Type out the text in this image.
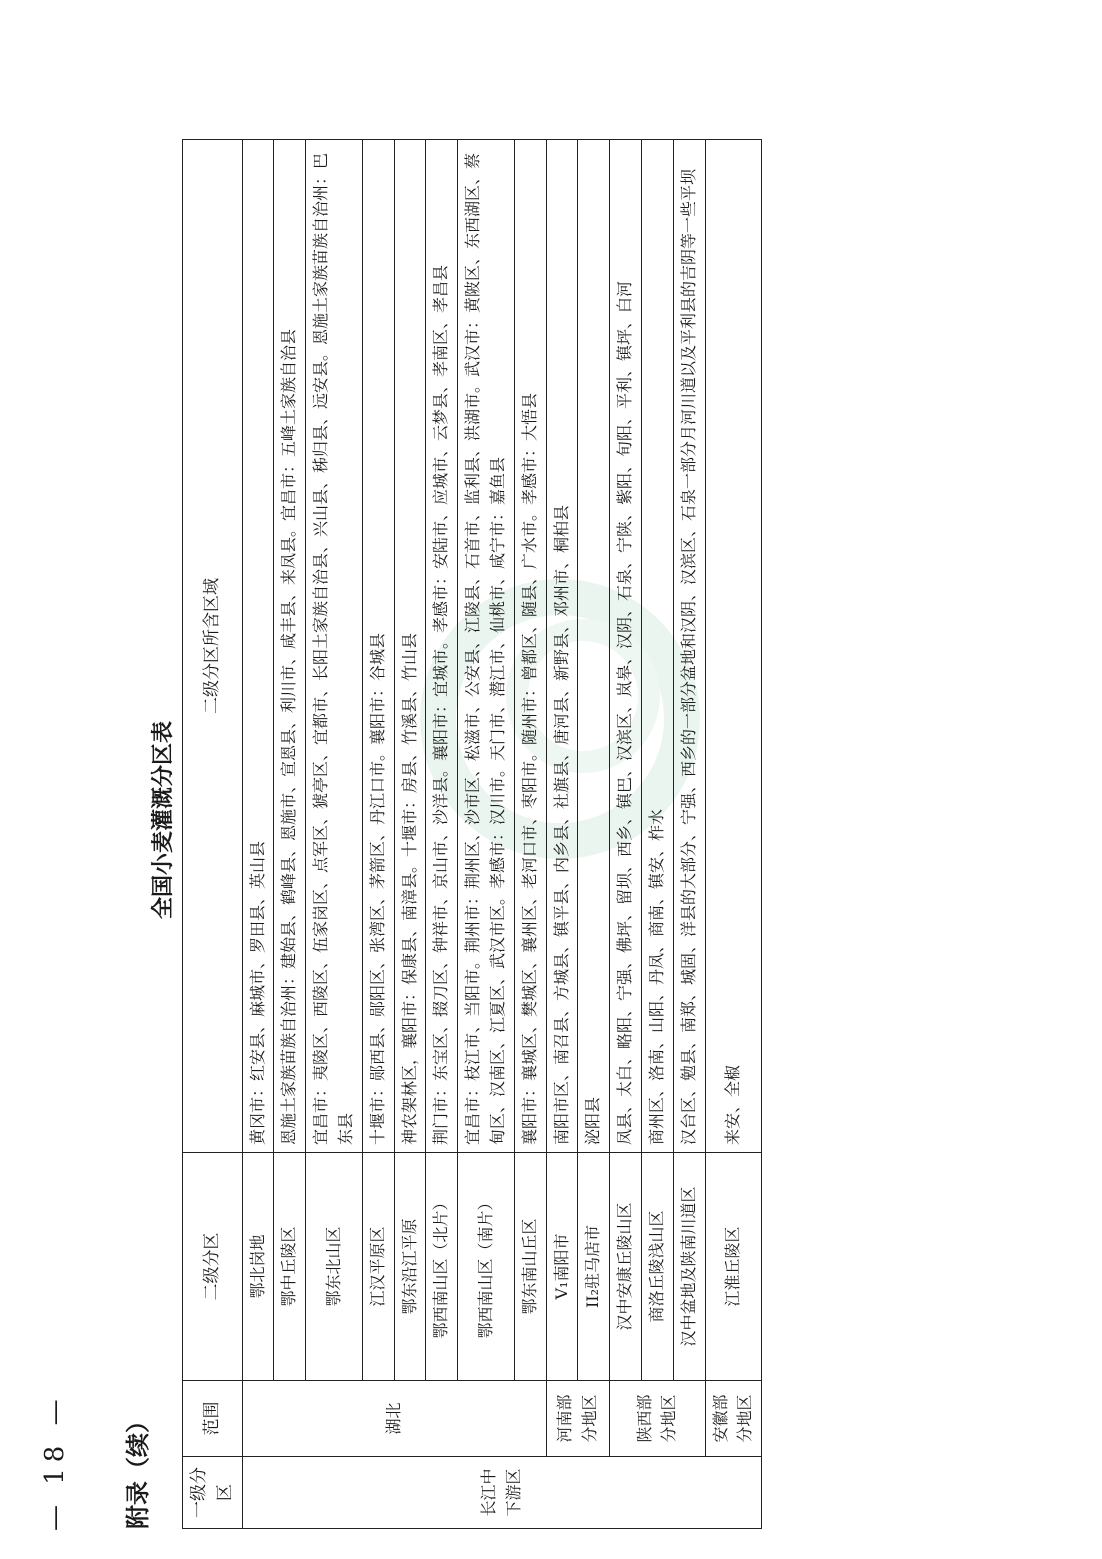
— 18 — 附录（续）
全国小麦灌溉分区表
一级分区	范围	二级分区	二级分区所含区域
长江中下游区	湖北	鄂北岗地	黄冈市：红安县、麻城市、罗田县、英山县
		鄂中丘陵区	恩施土家族苗族自治州：建始县、鹤峰县、恩施市、宣恩县、利川市、咸丰县、来凤县。宜昌市：五峰土家族自治县
		鄂东北山区	宜昌市：夷陵区、西陵区、伍家岗区、点军区、猇亭区、宜都市、长阳土家族自治县、兴山县、秭归县、远安县。恩施土家族苗族自治州：巴东县
		江汉平原区	十堰市：郧西县、郧阳区、张湾区、茅箭区、丹江口市。襄阳市：谷城县
		鄂东沿江平原	神农架林区，襄阳市：保康县、南漳县。十堰市：房县、竹溪县、竹山县
		鄂西南山区（北片）	荆门市：东宝区、掇刀区、钟祥市、京山市、沙洋县。襄阳市：宜城市。孝感市：安陆市、应城市、云梦县、孝南区、孝昌县
		鄂西南山区（南片）	宜昌市：枝江市、当阳市。荆州市：荆州区、沙市区、松滋市、公安县、江陵县、石首市、监利县、洪湖市。武汉市：黄陂区、东西湖区、蔡甸区、汉南区、江夏区、武汉市区。孝感市：汉川市。天门市、潜江市、仙桃市、咸宁市：嘉鱼县
		鄂东南山丘区	襄阳市：襄城区、樊城区、襄州区、老河口市、枣阳市。随州市：曾都区、随县、广水市。孝感市：大悟县
	河南部分地区	V₁南阳市	南阳市区、南召县、方城县、镇平县、内乡县、社旗县、唐河县、新野县、邓州市、桐柏县
		II₂驻马店市	泌阳县
	陕西部分地区	汉中安康丘陵山区	凤县、太白、略阳、宁强、佛坪、留坝、西乡、镇巴、汉滨区、岚皋、汉阴、石泉、宁陕、紫阳、旬阳、平利、镇坪、白河
		商洛丘陵浅山区	商州区、洛南、山阳、丹凤、商南、镇安、柞水
		汉中盆地及陕南川道区	汉台区、勉县、南郑、城固、洋县的大部分、宁强、西乡的一部分盆地和汉阴、汉滨区、石泉一部分月河川道以及平利县的吉阴等一些平坝
	安徽部分地区	江淮丘陵区	来安、全椒
